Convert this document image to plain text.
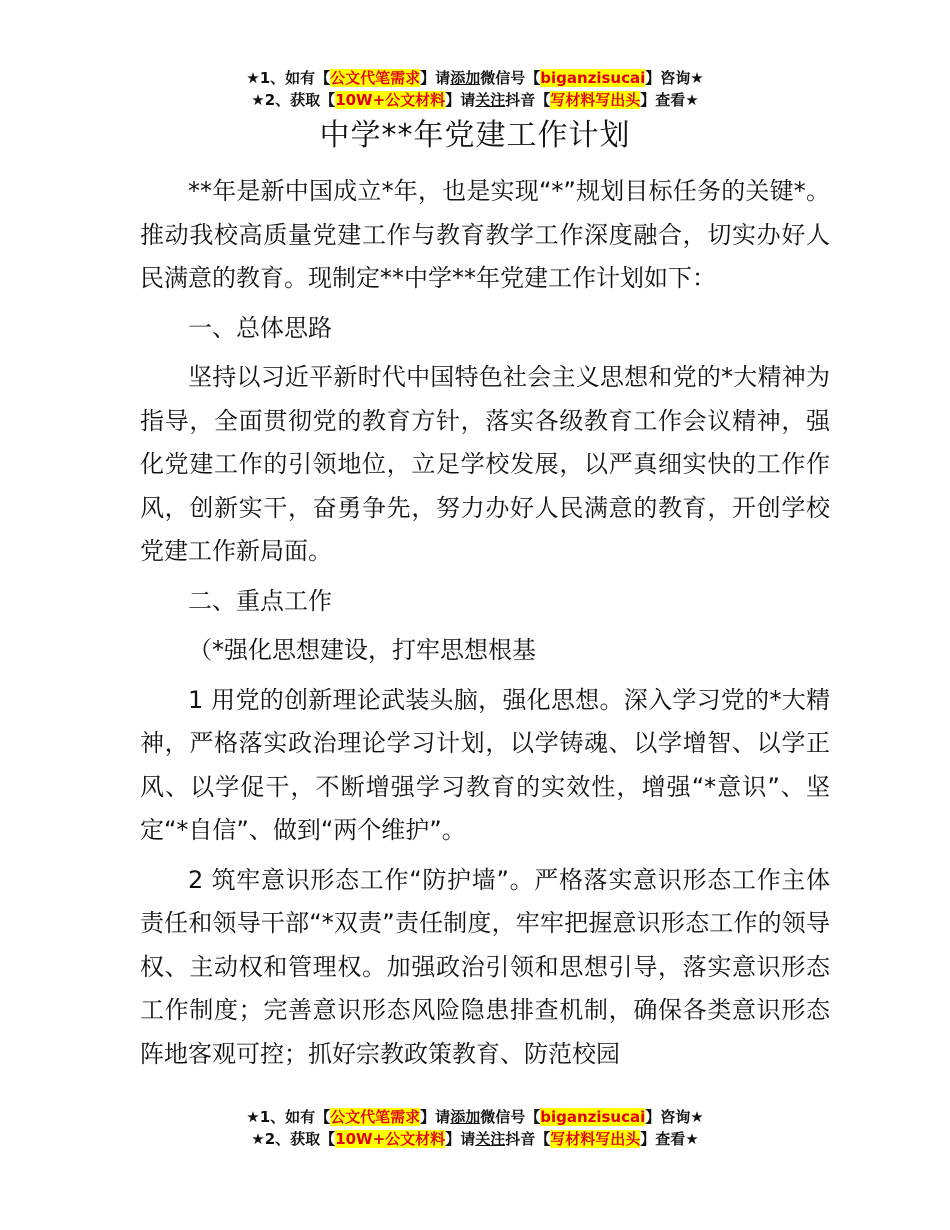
★1、如有【公文代笔需求】请添加微信号【biganzisucai】咨询★
★2、获取【10W+公文材料】请关注抖音【写材料写出头】查看★
中学**年党建工作计划

**年是新中国成立*年，也是实现“*”规划目标任务的关键*。推动我校高质量党建工作与教育教学工作深度融合，切实办好人民满意的教育。现制定**中学**年党建工作计划如下：

一、总体思路

坚持以习近平新时代中国特色社会主义思想和党的*大精神为指导，全面贯彻党的教育方针，落实各级教育工作会议精神，强化党建工作的引领地位，立足学校发展，以严真细实快的工作作风，创新实干，奋勇争先，努力办好人民满意的教育，开创学校党建工作新局面。

二、重点工作

（*强化思想建设，打牢思想根基

1 用党的创新理论武装头脑，强化思想。深入学习党的*大精神，严格落实政治理论学习计划，以学铸魂、以学增智、以学正风、以学促干，不断增强学习教育的实效性，增强“*意识”、坚定“*自信”、做到“两个维护”。

2 筑牢意识形态工作“防护墙”。严格落实意识形态工作主体责任和领导干部“*双责”责任制度，牢牢把握意识形态工作的领导权、主动权和管理权。加强政治引领和思想引导，落实意识形态工作制度；完善意识形态风险隐患排查机制，确保各类意识形态阵地客观可控；抓好宗教政策教育、防范校园

★1、如有【公文代笔需求】请添加微信号【biganzisucai】咨询★
★2、获取【10W+公文材料】请关注抖音【写材料写出头】查看★
